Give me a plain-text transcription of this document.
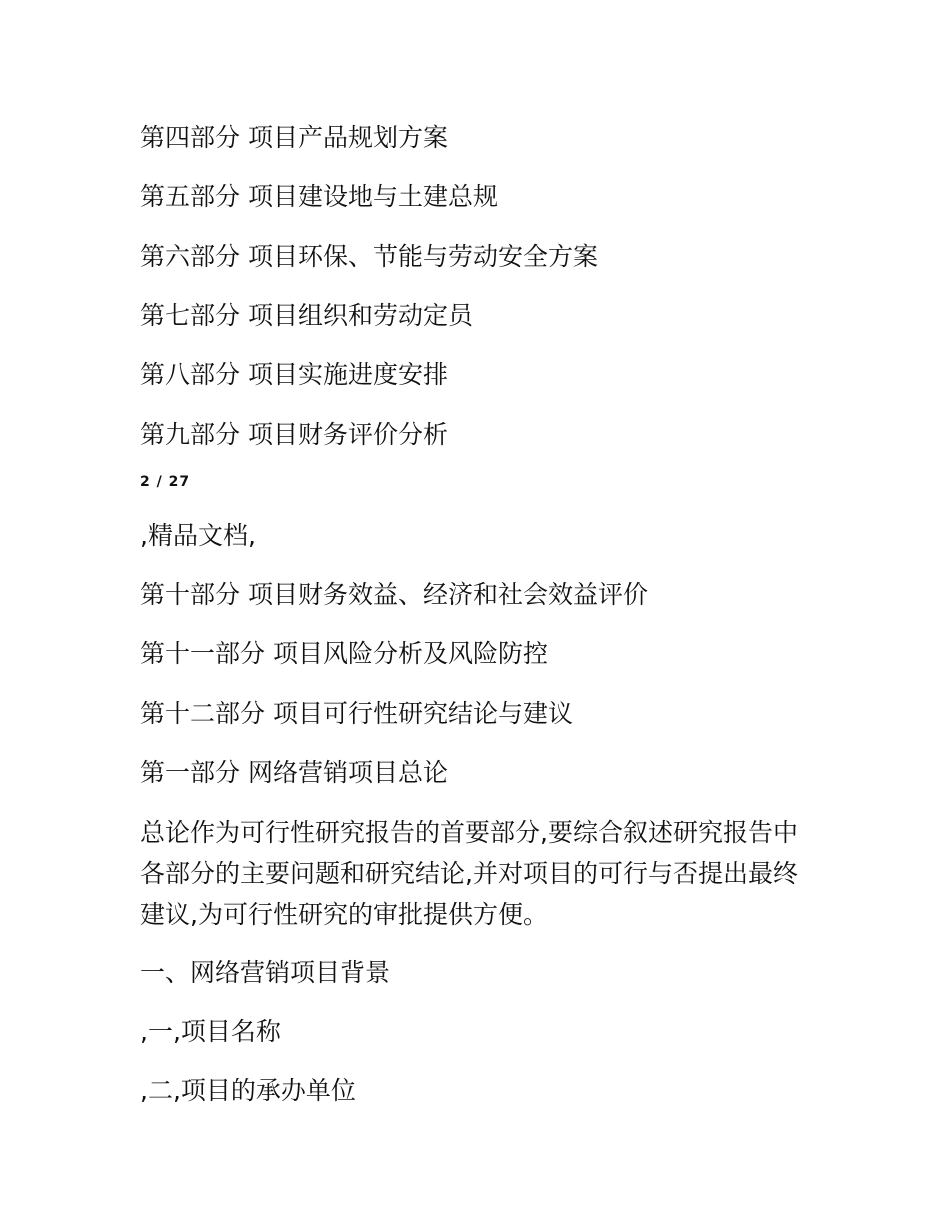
第四部分 项目产品规划方案

第五部分 项目建设地与土建总规

第六部分 项目环保、节能与劳动安全方案

第七部分 项目组织和劳动定员

第八部分 项目实施进度安排

第九部分 项目财务评价分析

2 / 27

,精品文档,

第十部分 项目财务效益、经济和社会效益评价

第十一部分 项目风险分析及风险防控

第十二部分 项目可行性研究结论与建议

第一部分 网络营销项目总论

总论作为可行性研究报告的首要部分,要综合叙述研究报告中各部分的主要问题和研究结论,并对项目的可行与否提出最终建议,为可行性研究的审批提供方便。

一、网络营销项目背景

,一,项目名称

,二,项目的承办单位
